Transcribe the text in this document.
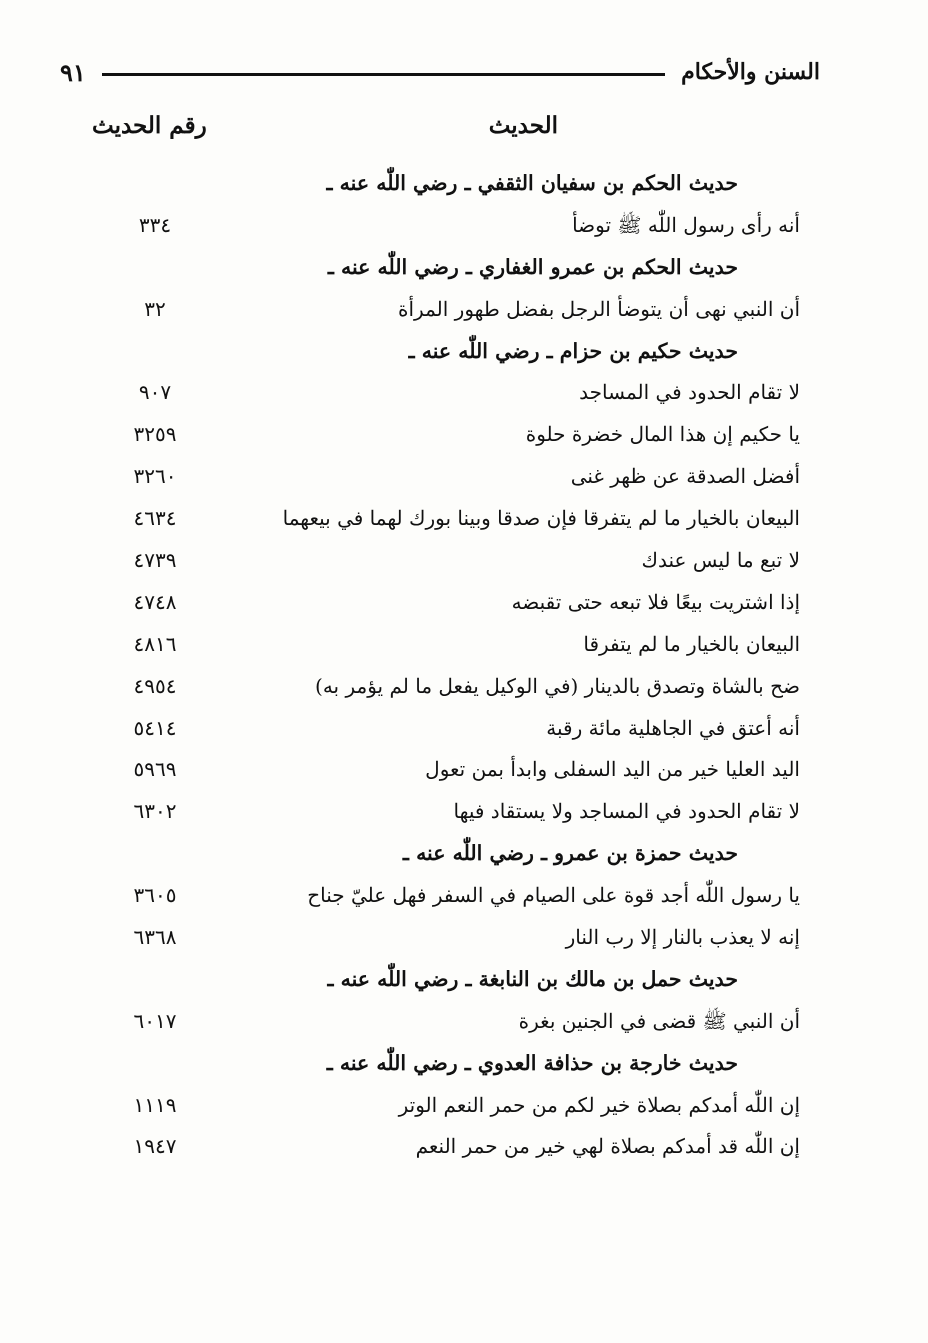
السنن والأحكام
٩١
الحديث
رقم الحديث
حديث الحكم بن سفيان الثقفي ـ رضي اللّٰه عنه ـ
أنه رأى رسول اللّٰه ﷺ توضأ
٣٣٤
حديث الحكم بن عمرو الغفاري ـ رضي اللّٰه عنه ـ
أن النبي نهى أن يتوضأ الرجل بفضل طهور المرأة
٣٢
حديث حكيم بن حزام ـ رضي اللّٰه عنه ـ
لا تقام الحدود في المساجد
٩٠٧
يا حكيم إن هذا المال خضرة حلوة
٣٢٥٩
أفضل الصدقة عن ظهر غنى
٣٢٦٠
البيعان بالخيار ما لم يتفرقا فإن صدقا وبينا بورك لهما في بيعهما
٤٦٣٤
لا تبع ما ليس عندك
٤٧٣٩
إذا اشتريت بيعًا فلا تبعه حتى تقبضه
٤٧٤٨
البيعان بالخيار ما لم يتفرقا
٤٨١٦
ضح بالشاة وتصدق بالدينار (في الوكيل يفعل ما لم يؤمر به)
٤٩٥٤
أنه أعتق في الجاهلية مائة رقبة
٥٤١٤
اليد العليا خير من اليد السفلى وابدأ بمن تعول
٥٩٦٩
لا تقام الحدود في المساجد ولا يستقاد فيها
٦٣٠٢
حديث حمزة بن عمرو ـ رضي اللّٰه عنه ـ
يا رسول اللّٰه أجد قوة على الصيام في السفر فهل عليّ جناح
٣٦٠٥
إنه لا يعذب بالنار إلا رب النار
٦٣٦٨
حديث حمل بن مالك بن النابغة ـ رضي اللّٰه عنه ـ
أن النبي ﷺ قضى في الجنين بغرة
٦٠١٧
حديث خارجة بن حذافة العدوي ـ رضي اللّٰه عنه ـ
إن اللّٰه أمدكم بصلاة خير لكم من حمر النعم الوتر
١١١٩
إن اللّٰه قد أمدكم بصلاة لهي خير من حمر النعم
١٩٤٧
